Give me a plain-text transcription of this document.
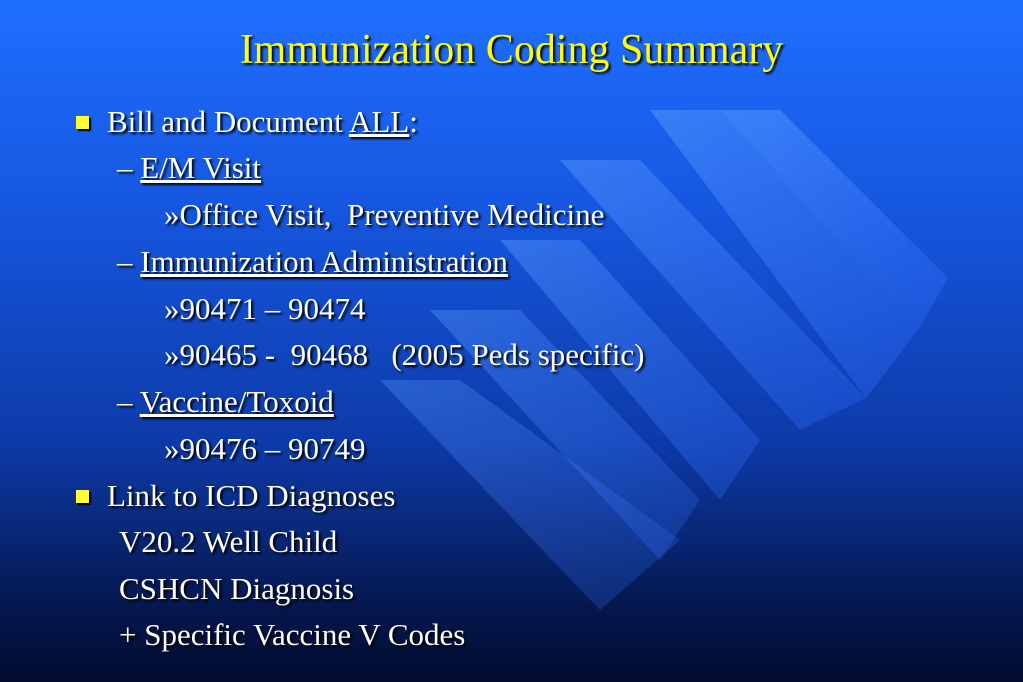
Immunization Coding Summary
Bill and Document ALL:
– E/M Visit
»Office Visit,  Preventive Medicine
– Immunization Administration
»90471 – 90474
»90465 -  90468   (2005 Peds specific)
– Vaccine/Toxoid
»90476 – 90749
Link to ICD Diagnoses
V20.2 Well Child
CSHCN Diagnosis
+ Specific Vaccine V Codes
